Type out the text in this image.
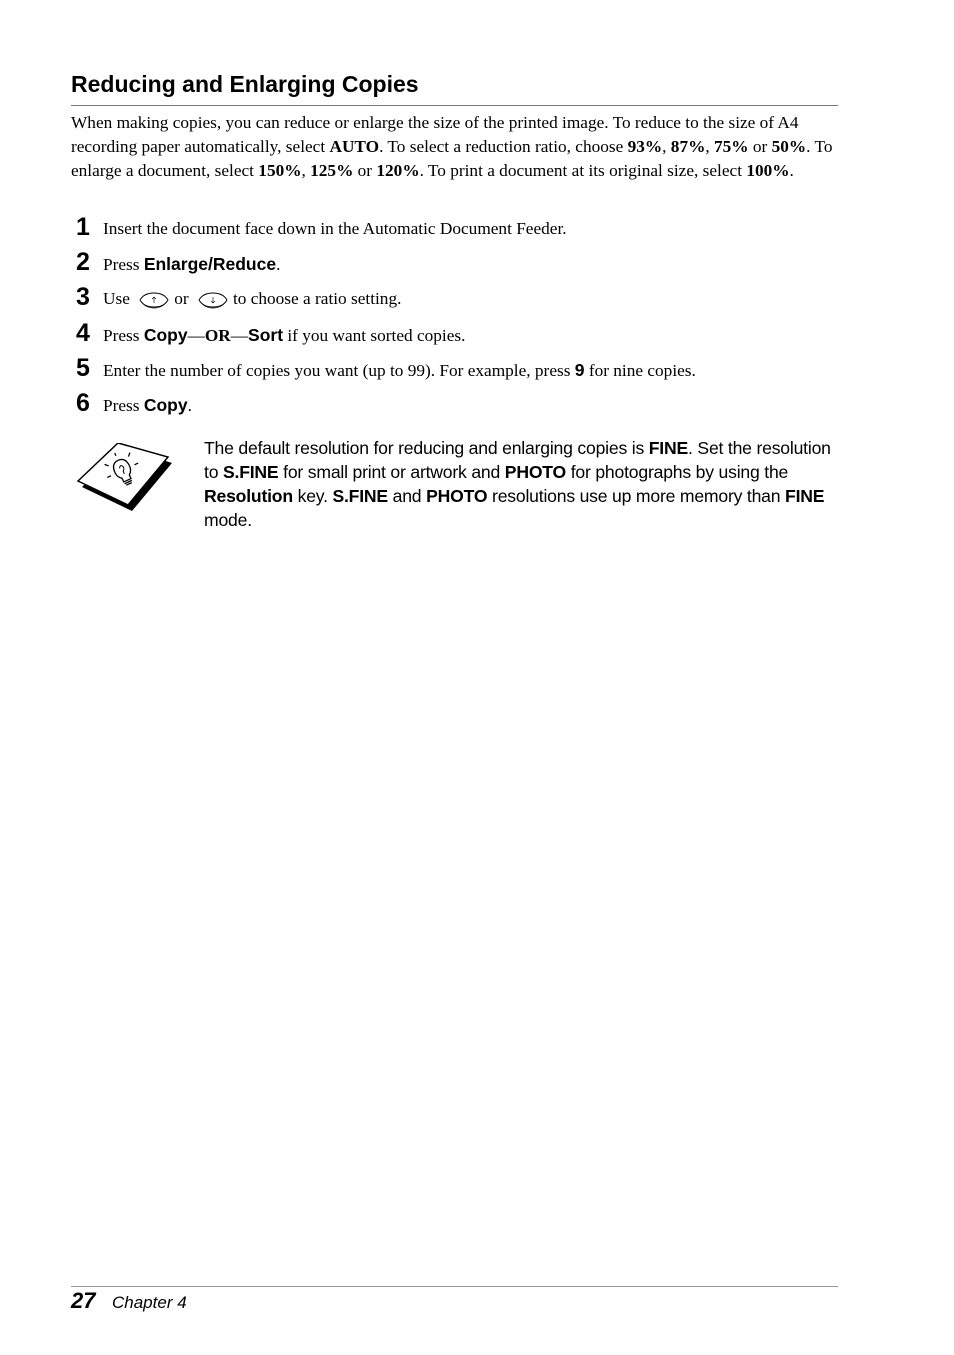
Reducing and Enlarging Copies

When making copies, you can reduce or enlarge the size of the printed image. To reduce to the size of A4 recording paper automatically, select AUTO. To select a reduction ratio, choose 93%, 87%, 75% or 50%. To enlarge a document, select 150%, 125% or 120%. To print a document at its original size, select 100%.

1 Insert the document face down in the Automatic Document Feeder.
2 Press Enlarge/Reduce.
3 Use	or	to choose a ratio setting.
4 Press Copy—OR—Sort if you want sorted copies.
5 Enter the number of copies you want (up to 99). For example, press 9 for nine copies.
6 Press Copy.

The default resolution for reducing and enlarging copies is FINE. Set the resolution to S.FINE for small print or artwork and PHOTO for photographs by using the Resolution key. S.FINE and PHOTO resolutions use up more memory than FINE mode.

27 Chapter 4
